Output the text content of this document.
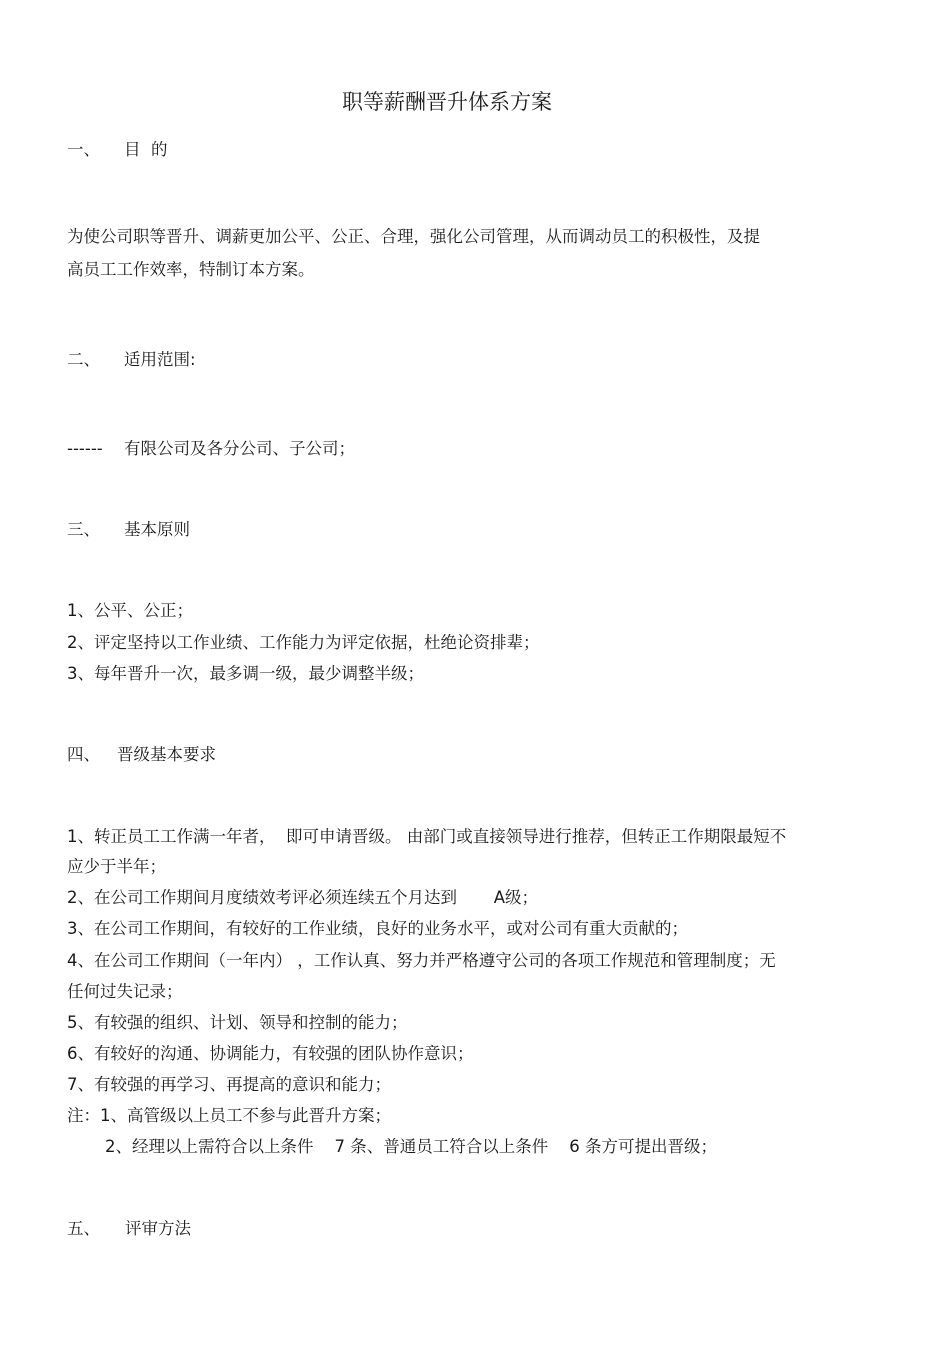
职等薪酬晋升体系方案
一、 目  的
为使公司职等晋升、调薪更加公平、公正、合理，强化公司管理，从而调动员工的积极性，及提
高员工工作效率，特制订本方案。
二、 适用范围:
------ 有限公司及各分公司、子公司；
三、 基本原则
1、公平、公正；
2、评定坚持以工作业绩、工作能力为评定依据，杜绝论资排辈；
3、每年晋升一次，最多调一级，最少调整半级；
四、 晋级基本要求
1、转正员工工作满一年者，  即可申请晋级。 由部门或直接领导进行推荐，但转正工作期限最短不
应少于半年；
2、在公司工作期间月度绩效考评必须连续五个月达到       A级；
3、在公司工作期间，有较好的工作业绩，良好的业务水平，或对公司有重大贡献的；
4、在公司工作期间（一年内） ，工作认真、努力并严格遵守公司的各项工作规范和管理制度；无
任何过失记录；
5、有较强的组织、计划、领导和控制的能力；
6、有较好的沟通、协调能力，有较强的团队协作意识；
7、有较强的再学习、再提高的意识和能力；
注：1、高管级以上员工不参与此晋升方案；
2、经理以上需符合以上条件    7 条、普通员工符合以上条件    6 条方可提出晋级；
五、 评审方法
